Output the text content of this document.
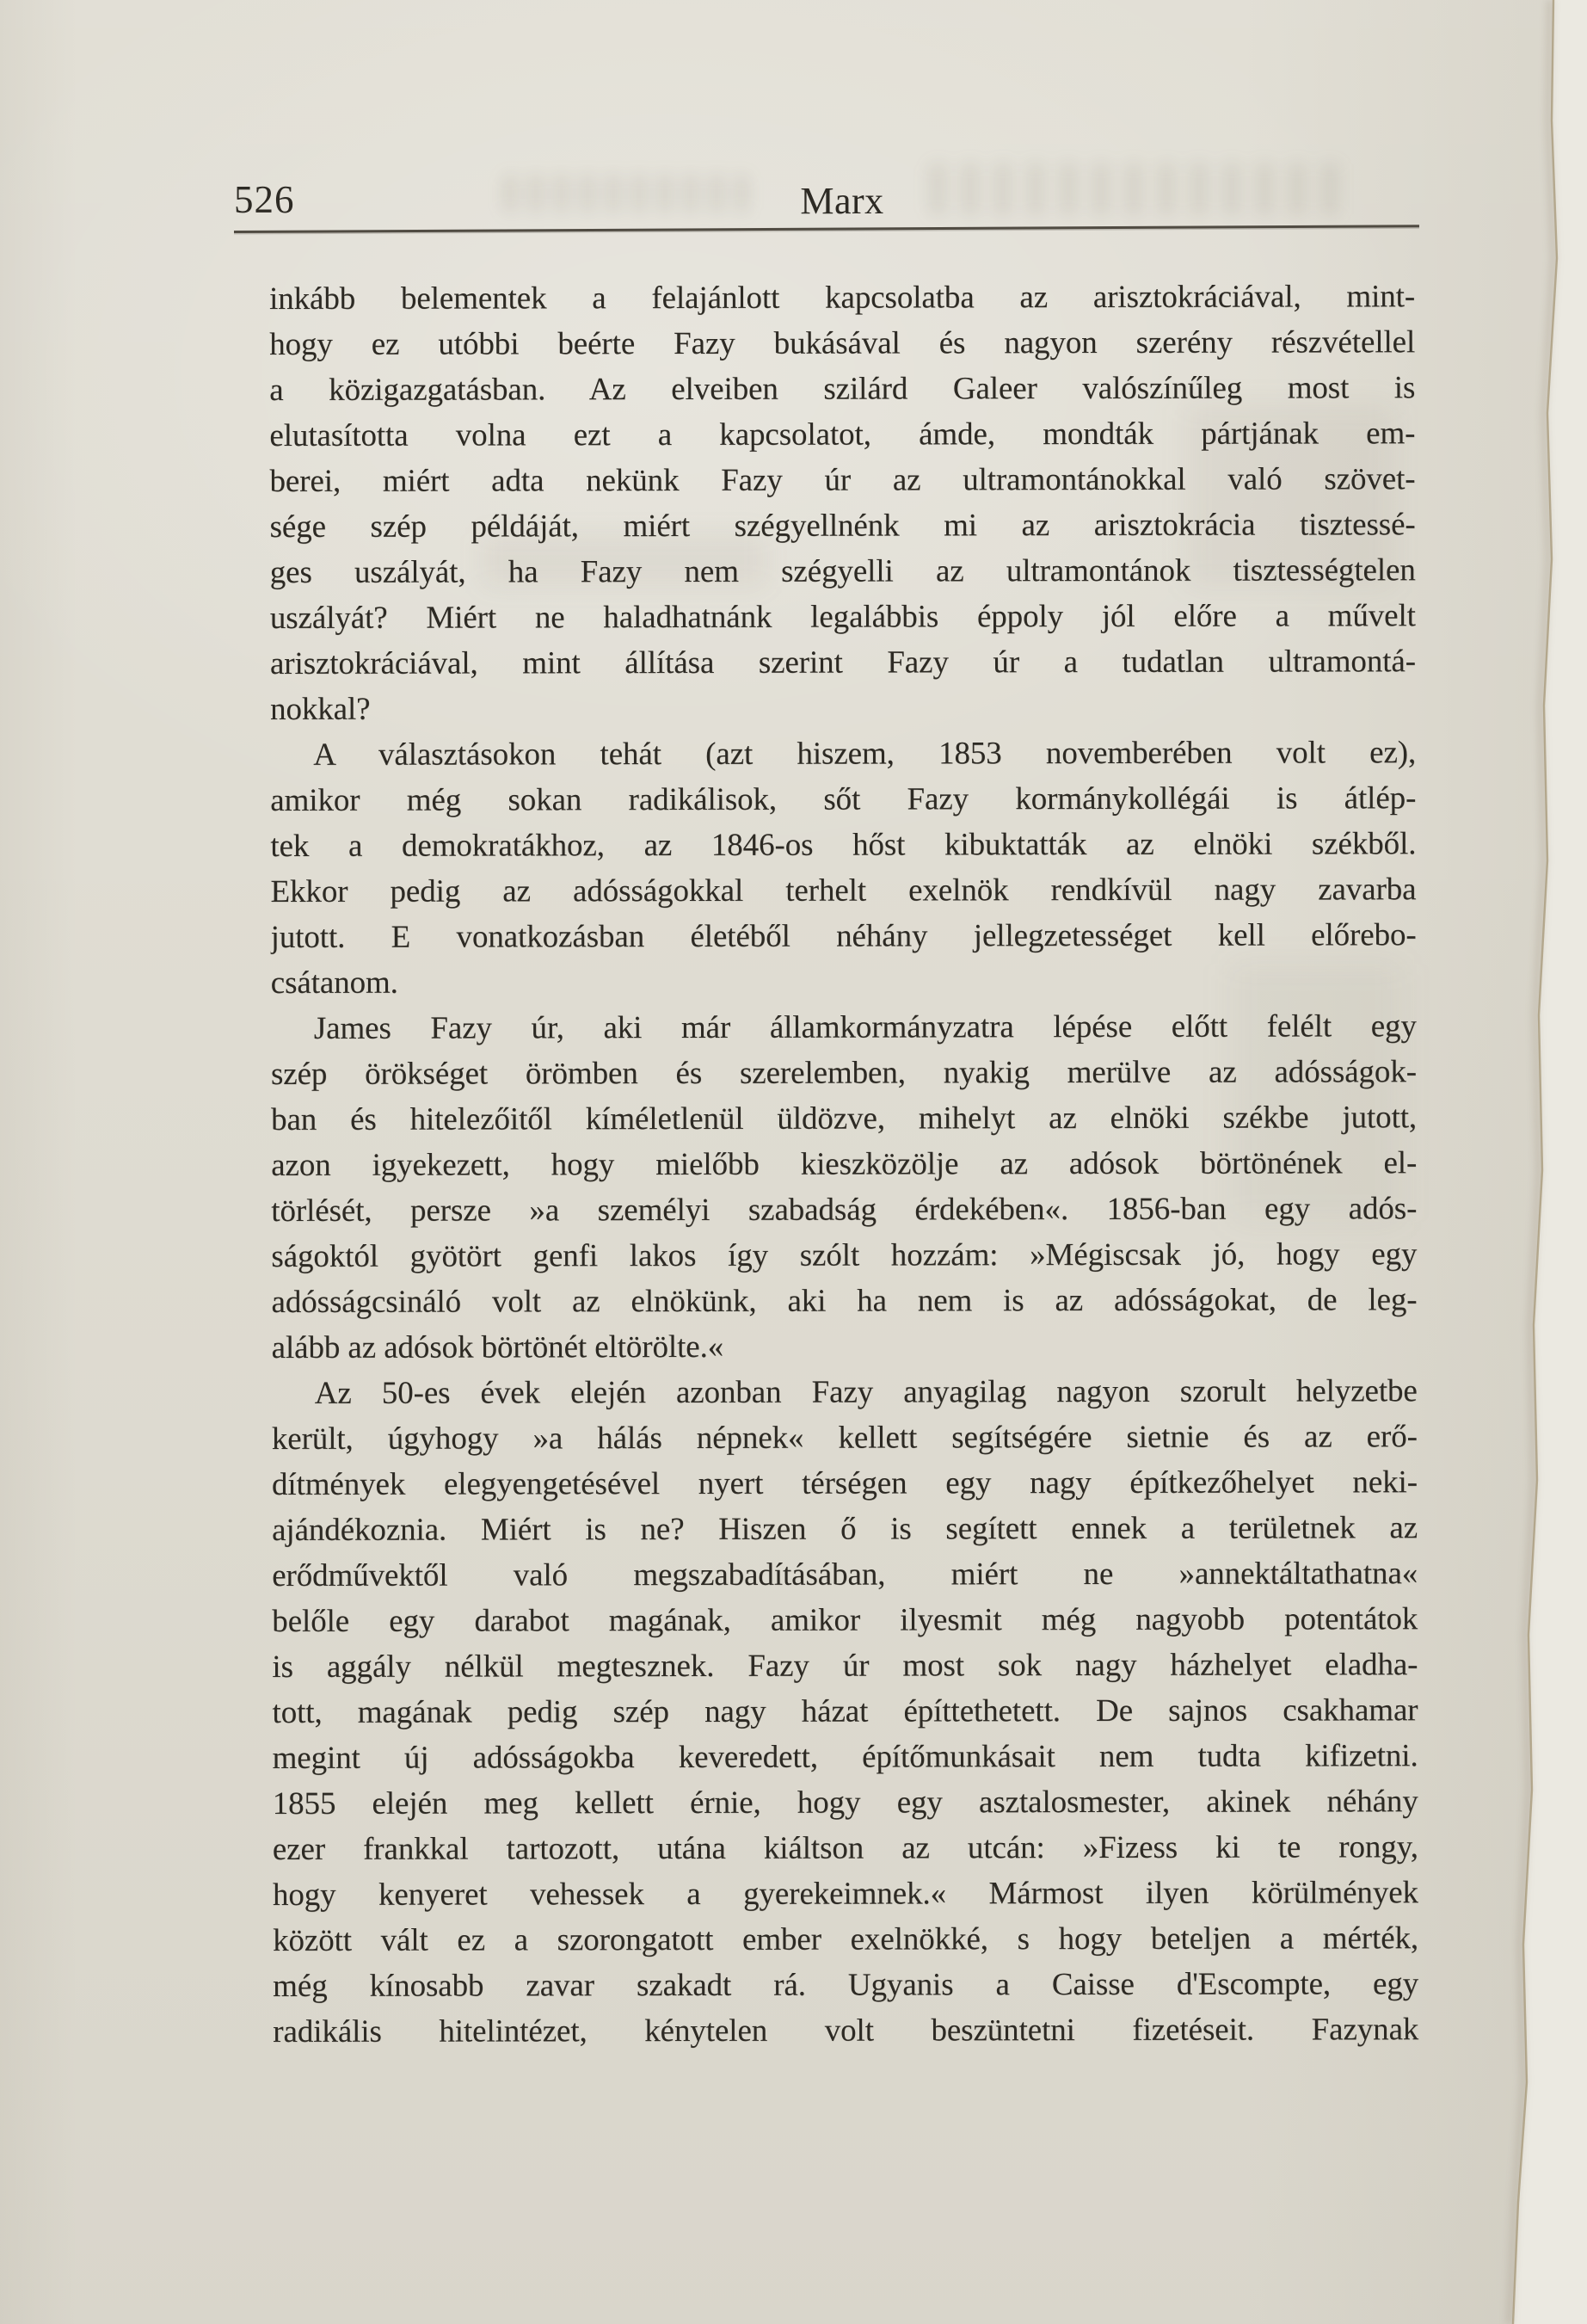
526	Marx
inkább belementek a felajánlott kapcsolatba az arisztokráciával, mint-
hogy ez utóbbi beérte Fazy bukásával és nagyon szerény részvétellel
a közigazgatásban. Az elveiben szilárd Galeer valószínűleg most is
elutasította volna ezt a kapcsolatot, ámde, mondták pártjának em-
berei, miért adta nekünk Fazy úr az ultramontánokkal való szövet-
sége szép példáját, miért szégyellnénk mi az arisztokrácia tisztessé-
ges uszályát, ha Fazy nem szégyelli az ultramontánok tisztességtelen
uszályát? Miért ne haladhatnánk legalábbis éppoly jól előre a művelt
arisztokráciával, mint állítása szerint Fazy úr a tudatlan ultramontá-
nokkal?
A választásokon tehát (azt hiszem, 1853 novemberében volt ez),
amikor még sokan radikálisok, sőt Fazy kormánykollégái is átlép-
tek a demokratákhoz, az 1846-os hőst kibuktatták az elnöki székből.
Ekkor pedig az adósságokkal terhelt exelnök rendkívül nagy zavarba
jutott. E vonatkozásban életéből néhány jellegzetességet kell előrebo-
csátanom.
James Fazy úr, aki már államkormányzatra lépése előtt felélt egy
szép örökséget örömben és szerelemben, nyakig merülve az adósságok-
ban és hitelezőitől kíméletlenül üldözve, mihelyt az elnöki székbe jutott,
azon igyekezett, hogy mielőbb kieszközölje az adósok börtönének el-
törlését, persze »a személyi szabadság érdekében«. 1856-ban egy adós-
ságoktól gyötört genfi lakos így szólt hozzám: »Mégiscsak jó, hogy egy
adósságcsináló volt az elnökünk, aki ha nem is az adósságokat, de leg-
alább az adósok börtönét eltörölte.«
Az 50-es évek elején azonban Fazy anyagilag nagyon szorult helyzetbe
került, úgyhogy »a hálás népnek« kellett segítségére sietnie és az erő-
dítmények elegyengetésével nyert térségen egy nagy építkezőhelyet neki-
ajándékoznia. Miért is ne? Hiszen ő is segített ennek a területnek az
erődművektől való megszabadításában, miért ne »annektáltathatna«
belőle egy darabot magának, amikor ilyesmit még nagyobb potentátok
is aggály nélkül megtesznek. Fazy úr most sok nagy házhelyet eladha-
tott, magának pedig szép nagy házat építtethetett. De sajnos csakhamar
megint új adósságokba keveredett, építőmunkásait nem tudta kifizetni.
1855 elején meg kellett érnie, hogy egy asztalosmester, akinek néhány
ezer frankkal tartozott, utána kiáltson az utcán: »Fizess ki te rongy,
hogy kenyeret vehessek a gyerekeimnek.« Mármost ilyen körülmények
között vált ez a szorongatott ember exelnökké, s hogy beteljen a mérték,
még kínosabb zavar szakadt rá. Ugyanis a Caisse d'Escompte, egy
radikális hitelintézet, kénytelen volt beszüntetni fizetéseit. Fazynak
